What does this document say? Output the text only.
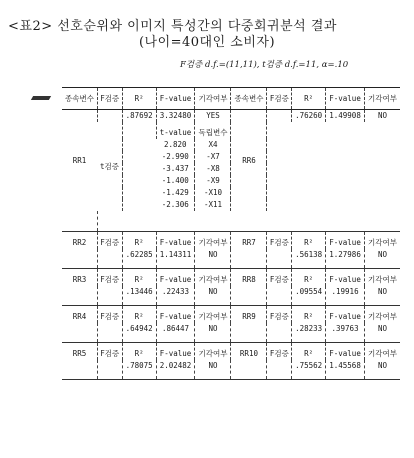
<표2> 선호순위와 이미지 특성간의 다중회귀분석 결과
(나이=40대인 소비자)
F검증 d.f.=(11,11), t검증 d.f.=11, α=.10
종속변수	F검증	R²	F-value	기각여부	종속변수	F검증	R²	F-value	기각여부
RR1		.87692	3.32480	YES	RR6		.76260	1.49908	NO
	t검증		t-value	독립변수					
			2.820	X4					
			-2.990	-X7					
			-3.437	-X8					
			-1.400	-X9					
			-1.429	-X10					
			-2.306	-X11					

RR2	F검증	R²	F-value	기각여부	RR7	F검증	R²	F-value	기각여부
		.62285	1.14311	NO			.56138	1.27986	NO
RR3	F검증	R²	F-value	기각여부	RR8	F검증	R²	F-value	기각여부
		.13446	.22433	NO			.09554	.19916	NO
RR4	F검증	R²	F-value	기각여부	RR9	F검증	R²	F-value	기각여부
		.64942	.86447	NO			.28233	.39763	NO
RR5	F검증	R²	F-value	기각여부	RR10	F검증	R²	F-value	기각여부
		.78075	2.02482	NO			.75562	1.45568	NO
